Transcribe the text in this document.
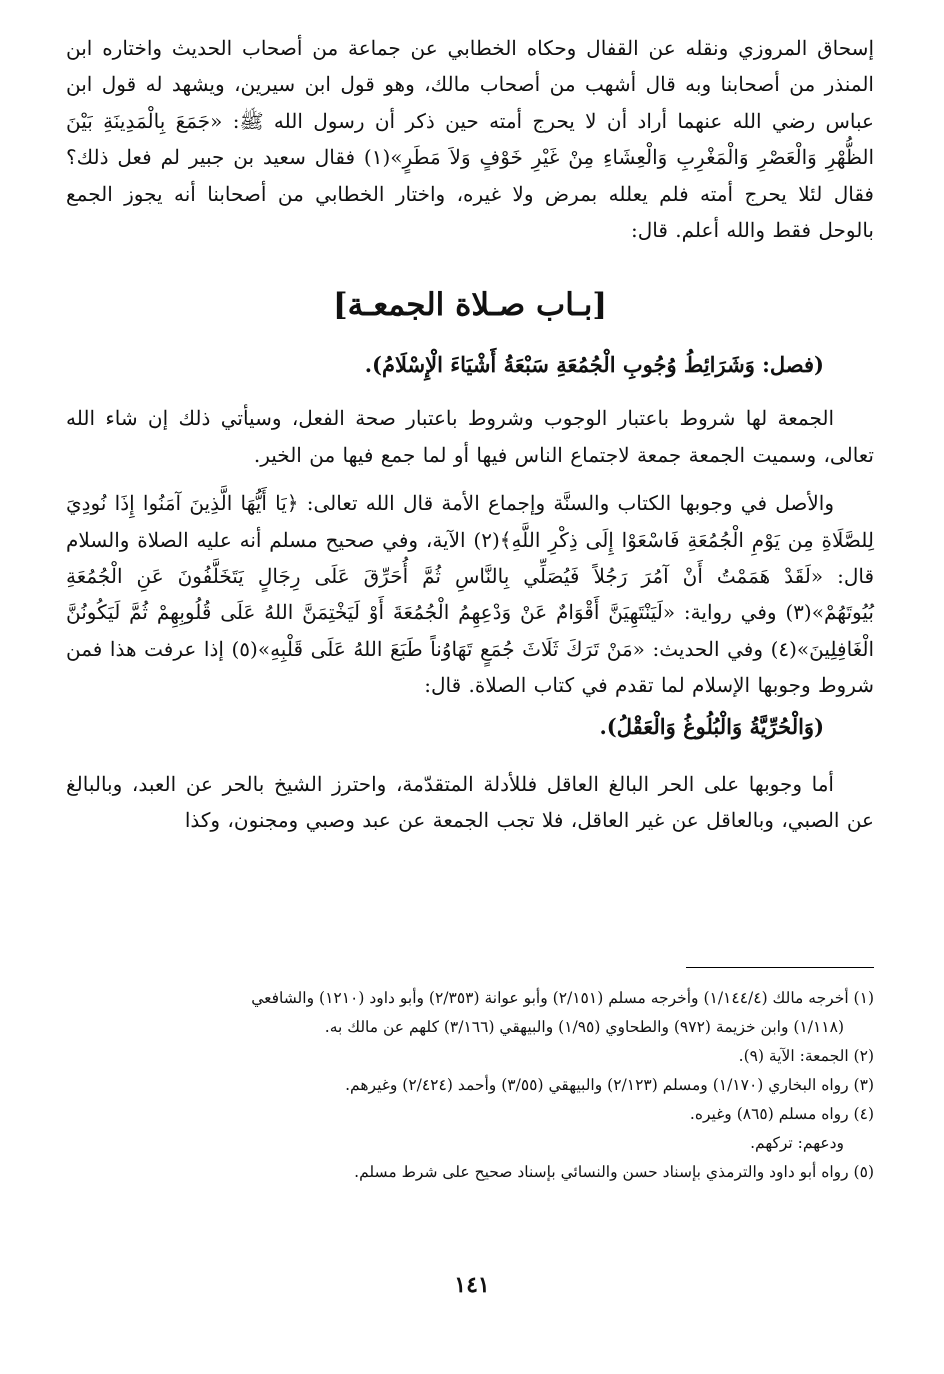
إسحاق المروزي ونقله عن القفال وحكاه الخطابي عن جماعة من أصحاب الحديث واختاره ابن المنذر من أصحابنا وبه قال أشهب من أصحاب مالك، وهو قول ابن سيرين، ويشهد له قول ابن عباس رضي الله عنهما أراد أن لا يحرج أمته حين ذكر أن رسول الله ﷺ: «جَمَعَ بِالْمَدِينَةِ بَيْنَ الظُّهْرِ وَالْعَصْرِ وَالْمَغْرِبِ وَالْعِشَاءِ مِنْ غَيْرِ خَوْفٍ وَلاَ مَطَرٍ»(١) فقال سعيد بن جبير لم فعل ذلك؟ فقال لئلا يحرج أمته فلم يعلله بمرض ولا غيره، واختار الخطابي من أصحابنا أنه يجوز الجمع بالوحل فقط والله أعلم. قال:

[بـاب صـلاة الجمعـة]

(فصل: وَشَرَائِطُ وُجُوبِ الْجُمُعَةِ سَبْعَةُ أَشْيَاءَ الْإِسْلَامُ).

الجمعة لها شروط باعتبار الوجوب وشروط باعتبار صحة الفعل، وسيأتي ذلك إن شاء الله تعالى، وسميت الجمعة جمعة لاجتماع الناس فيها أو لما جمع فيها من الخير.

والأصل في وجوبها الكتاب والسنَّة وإجماع الأمة قال الله تعالى: ﴿يَا أَيُّهَا الَّذِينَ آمَنُوا إِذَا نُودِيَ لِلصَّلَاةِ مِن يَوْمِ الْجُمُعَةِ فَاسْعَوْا إِلَى ذِكْرِ اللَّهِ﴾(٢) الآية، وفي صحيح مسلم أنه عليه الصلاة والسلام قال: «لَقَدْ هَمَمْتُ أَنْ آمُرَ رَجُلاً فَيُصَلِّي بِالنَّاسِ ثُمَّ أُحَرِّقَ عَلَى رِجَالٍ يَتَخَلَّفُونَ عَنِ الْجُمُعَةِ بُيُوتَهُمْ»(٣) وفي رواية: «لَيَنْتَهِيَنَّ أَقْوَامٌ عَنْ وَدْعِهِمُ الْجُمُعَةَ أَوْ لَيَخْتِمَنَّ اللهُ عَلَى قُلُوبِهِمْ ثُمَّ لَيَكُونُنَّ الْغَافِلِينَ»(٤) وفي الحديث: «مَنْ تَرَكَ ثَلَاثَ جُمَعٍ تَهَاوُناً طَبَعَ اللهُ عَلَى قَلْبِهِ»(٥) إذا عرفت هذا فمن شروط وجوبها الإسلام لما تقدم في كتاب الصلاة. قال:

(وَالْحُرِّيَّةُ وَالْبُلُوغُ وَالْعَقْلُ).

أما وجوبها على الحر البالغ العاقل فللأدلة المتقدّمة، واحترز الشيخ بالحر عن العبد، وبالبالغ عن الصبي، وبالعاقل عن غير العاقل، فلا تجب الجمعة عن عبد وصبي ومجنون، وكذا

(١) أخرجه مالك (١/١٤٤/٤) وأخرجه مسلم (٢/١٥١) وأبو عوانة (٢/٣٥٣) وأبو داود (١٢١٠) والشافعي

(١/١١٨) وابن خزيمة (٩٧٢) والطحاوي (١/٩٥) والبيهقي (٣/١٦٦) كلهم عن مالك به.

(٢) الجمعة: الآية (٩).

(٣) رواه البخاري (١/١٧٠) ومسلم (٢/١٢٣) والبيهقي (٣/٥٥) وأحمد (٢/٤٢٤) وغيرهم.

(٤) رواه مسلم (٨٦٥) وغيره.

ودعهم: تركهم.

(٥) رواه أبو داود والترمذي بإسناد حسن والنسائي بإسناد صحيح على شرط مسلم.

١٤١
